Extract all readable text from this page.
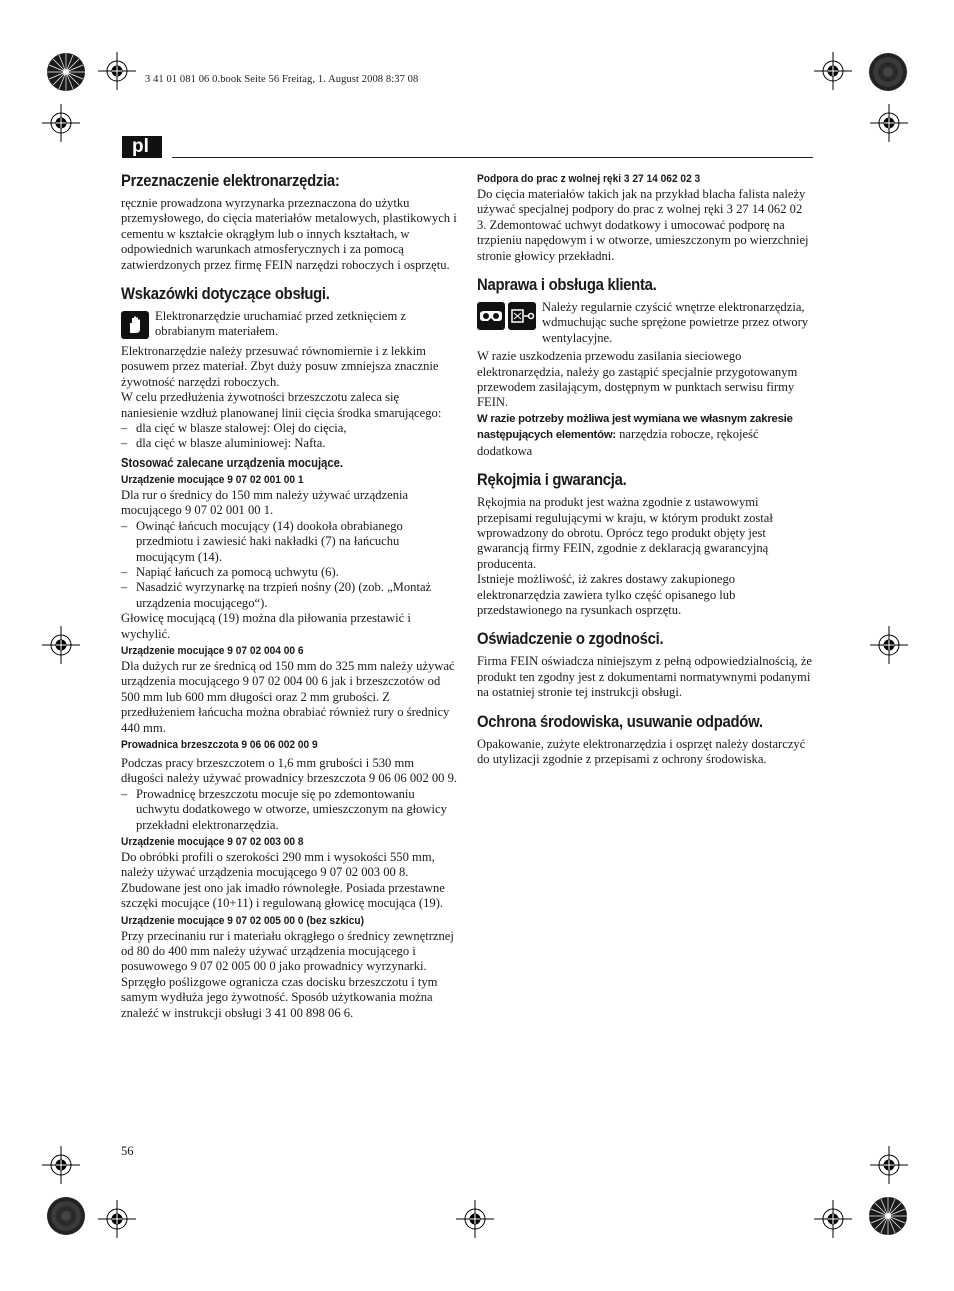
3 41 01 081 06 0.book Seite 56 Freitag, 1. August 2008 8:37 08
pl
Przeznaczenie elektronarzędzia:

ręcznie prowadzona wyrzynarka przeznaczona do użytku przemysłowego, do cięcia materiałów metalowych, plastikowych i cementu w kształcie okrągłym lub o innych kształtach, w odpowiednich warunkach atmosferycznych i za pomocą zatwierdzonych przez firmę FEIN narzędzi roboczych i osprzętu.

Wskazówki dotyczące obsługi.

Elektronarzędzie uruchamiać przed zetknięciem z obrabianym materiałem.

Elektronarzędzie należy przesuwać równomiernie i z lekkim posuwem przez materiał. Zbyt duży posuw zmniejsza znacznie żywotność narzędzi roboczych.

W celu przedłużenia żywotności brzeszczotu zaleca się naniesienie wzdłuż planowanej linii cięcia środka smarującego:

– dla cięć w blasze stalowej: Olej do cięcia,
– dla cięć w blasze aluminiowej: Nafta.
Stosować zalecane urządzenia mocujące.
Urządzenie mocujące 9 07 02 001 00 1

Dla rur o średnicy do 150 mm należy używać urządzenia mocującego 9 07 02 001 00 1.

– Owinąć łańcuch mocujący (14) dookoła obrabianego przedmiotu i zawiesić haki nakładki (7) na łańcuchu mocującym (14).
– Napiąć łańcuch za pomocą uchwytu (6).
– Nasadzić wyrzynarkę na trzpień nośny (20) (zob. „Montaż urządzenia mocującego“).

Głowicę mocującą (19) można dla piłowania przestawić i wychylić.

Urządzenie mocujące 9 07 02 004 00 6

Dla dużych rur ze średnicą od 150 mm do 325 mm należy używać urządzenia mocującego 9 07 02 004 00 6 jak i brzeszczotów od 500 mm lub 600 mm długości oraz 2 mm grubości. Z przedłużeniem łańcucha można obrabiać również rury o średnicy 440 mm.

Prowadnica brzeszczota 9 06 06 002 00 9

Podczas pracy brzeszczotem o 1,6 mm grubości i 530 mm długości należy używać prowadnicy brzeszczota 9 06 06 002 00 9.

– Prowadnicę brzeszczotu mocuje się po zdemontowaniu uchwytu dodatkowego w otworze, umieszczonym na głowicy przekładni elektronarzędzia.
Urządzenie mocujące 9 07 02 003 00 8

Do obróbki profili o szerokości 290 mm i wysokości 550 mm, należy używać urządzenia mocującego 9 07 02 003 00 8. Zbudowane jest ono jak imadło równoległe. Posiada przestawne szczęki mocujące (10+11) i regulowaną głowicę mocująca (19).

Urządzenie mocujące 9 07 02 005 00 0 (bez szkicu)

Przy przecinaniu rur i materiału okrągłego o średnicy zewnętrznej od 80 do 400 mm należy używać urządzenia mocującego i posuwowego 9 07 02 005 00 0 jako prowadnicy wyrzynarki. Sprzęgło poślizgowe ogranicza czas docisku brzeszczotu i tym samym wydłuża jego żywotność. Sposób użytkowania można znaleźć w instrukcji obsługi 3 41 00 898 06 6.

Podpora do prac z wolnej ręki 3 27 14 062 02 3

Do cięcia materiałów takich jak na przykład blacha falista należy używać specjalnej podpory do prac z wolnej ręki 3 27 14 062 02 3. Zdemontować uchwyt dodatkowy i umocować podporę na trzpieniu napędowym i w otworze, umieszczonym po wierzchniej stronie głowicy przekładni.

Naprawa i obsługa klienta.

Należy regularnie czyścić wnętrze elektronarzędzia, wdmuchując suche sprężone powietrze przez otwory wentylacyjne.

W razie uszkodzenia przewodu zasilania sieciowego elektronarzędzia, należy go zastąpić specjalnie przygotowanym przewodem zasilającym, dostępnym w punktach serwisu firmy FEIN.

W razie potrzeby możliwa jest wymiana we własnym zakresie następujących elementów: narzędzia robocze, rękojeść dodatkowa

Rękojmia i gwarancja.

Rękojmia na produkt jest ważna zgodnie z ustawowymi przepisami regulującymi w kraju, w którym produkt został wprowadzony do obrotu. Oprócz tego produkt objęty jest gwarancją firmy FEIN, zgodnie z deklaracją gwarancyjną producenta.

Istnieje możliwość, iż zakres dostawy zakupionego elektronarzędzia zawiera tylko część opisanego lub przedstawionego na rysunkach osprzętu.

Oświadczenie o zgodności.

Firma FEIN oświadcza niniejszym z pełną odpowiedzialnością, że produkt ten zgodny jest z dokumentami normatywnymi podanymi na ostatniej stronie tej instrukcji obsługi.

Ochrona środowiska, usuwanie odpadów.

Opakowanie, zużyte elektronarzędzia i osprzęt należy dostarczyć do utylizacji zgodnie z przepisami z ochrony środowiska.

56
